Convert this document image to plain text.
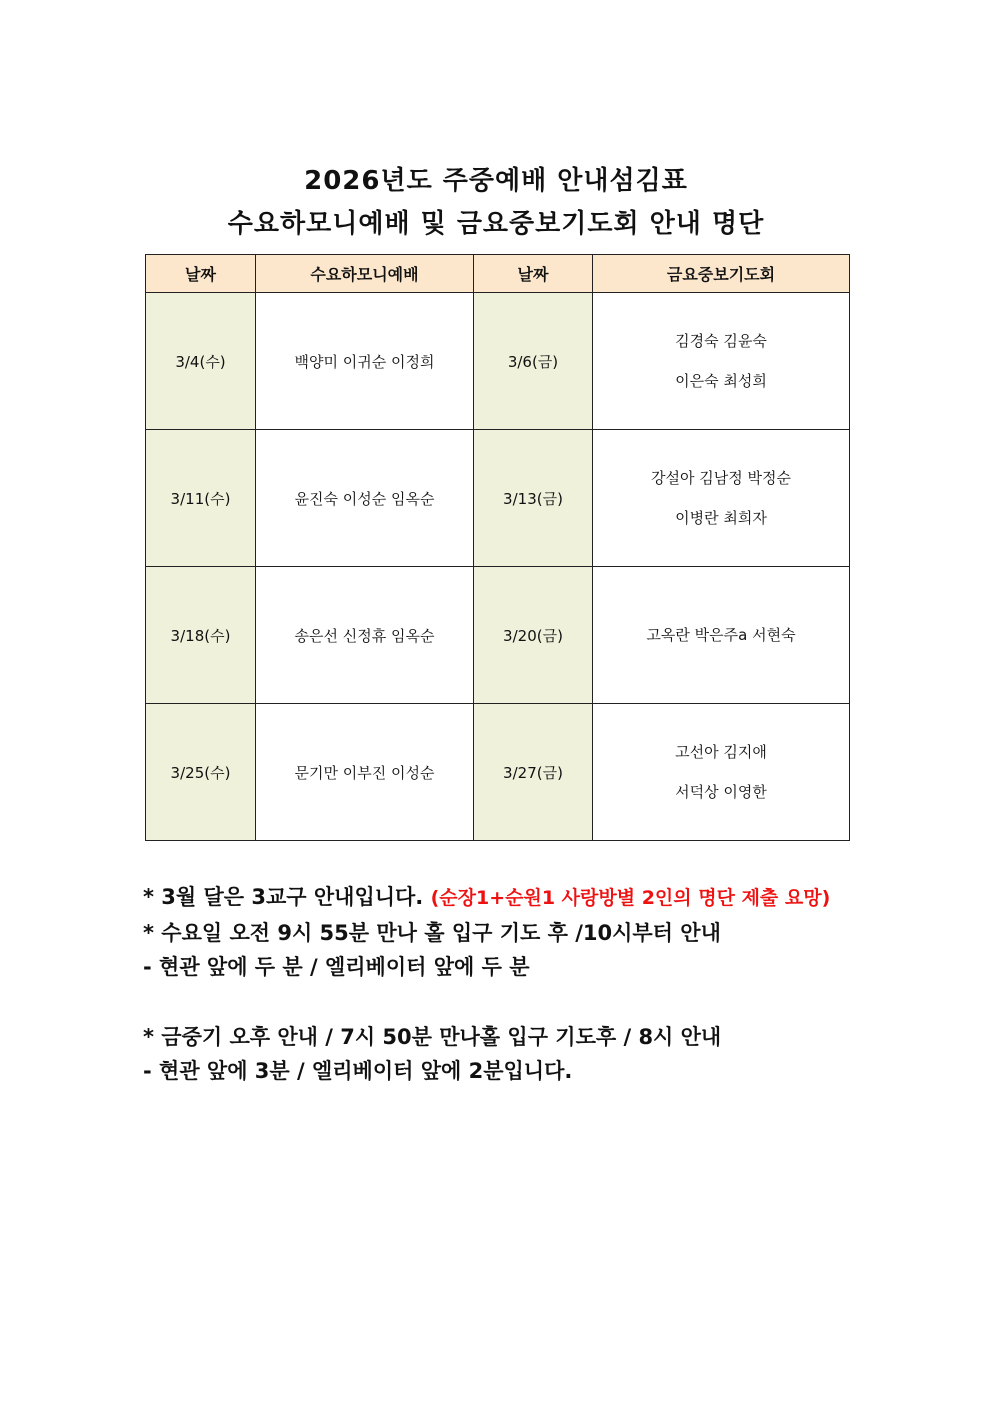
2026년도 주중예배 안내섬김표
수요하모니예배 및 금요중보기도회 안내 명단
날짜	수요하모니예배	날짜	금요중보기도회
3/4(수)	백양미 이귀순 이정희	3/6(금)	김경숙 김윤숙
이은숙 최성희

3/11(수)	윤진숙 이성순 임옥순	3/13(금)	강설아 김남정 박정순
이병란 최희자

3/18(수)	송은선 신정휴 임옥순	3/20(금)	고옥란 박은주a 서현숙

3/25(수)	문기만 이부진 이성순	3/27(금)	고선아 김지애
서덕상 이영한
* 3월 달은 3교구 안내입니다. (순장1+순원1 사랑방별 2인의 명단 제출 요망)
* 수요일 오전 9시 55분 만나 홀 입구 기도 후 /10시부터 안내
- 현관 앞에 두 분 / 엘리베이터 앞에 두 분
* 금중기 오후 안내 / 7시 50분 만나홀 입구 기도후 / 8시 안내
- 현관 앞에 3분 / 엘리베이터 앞에 2분입니다.
